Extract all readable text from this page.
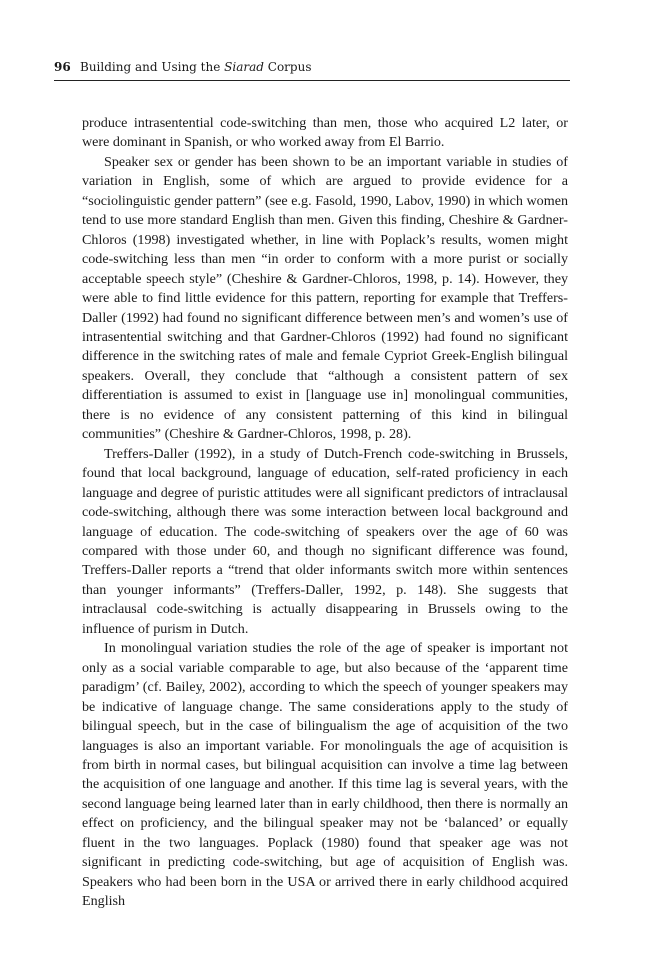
96 Building and Using the Siarad Corpus

produce intrasentential code-switching than men, those who acquired L2 later, or were dominant in Spanish, or who worked away from El Barrio.

Speaker sex or gender has been shown to be an important variable in studies of variation in English, some of which are argued to provide evidence for a “sociolinguistic gender pattern” (see e.g. Fasold, 1990, Labov, 1990) in which women tend to use more standard English than men. Given this finding, Cheshire & Gardner-Chloros (1998) investigated whether, in line with Poplack’s results, women might code-switching less than men “in order to conform with a more purist or socially acceptable speech style” (Cheshire & Gardner-Chloros, 1998, p. 14). However, they were able to find little evidence for this pattern, reporting for example that Treffers-Daller (1992) had found no significant difference between men’s and women’s use of intrasentential switching and that Gardner-Chloros (1992) had found no significant difference in the switching rates of male and female Cypriot Greek-English bilingual speakers. Overall, they conclude that “although a consistent pattern of sex differentiation is assumed to exist in [language use in] monolingual communities, there is no evidence of any consistent patterning of this kind in bilingual communities” (Cheshire & Gardner-Chloros, 1998, p. 28).

Treffers-Daller (1992), in a study of Dutch-French code-switching in Brussels, found that local background, language of education, self-rated proficiency in each language and degree of puristic attitudes were all significant predictors of intraclausal code-switching, although there was some interaction between local background and language of education. The code-switching of speakers over the age of 60 was compared with those under 60, and though no significant difference was found, Treffers-Daller reports a “trend that older informants switch more within sentences than younger informants” (Treffers-Daller, 1992, p. 148). She suggests that intraclausal code-switching is actually disappearing in Brussels owing to the influence of purism in Dutch.

In monolingual variation studies the role of the age of speaker is important not only as a social variable comparable to age, but also because of the ‘apparent time paradigm’ (cf. Bailey, 2002), according to which the speech of younger speakers may be indicative of language change. The same considerations apply to the study of bilingual speech, but in the case of bilingualism the age of acquisition of the two languages is also an important variable. For monolinguals the age of acquisition is from birth in normal cases, but bilingual acquisition can involve a time lag between the acquisition of one language and another. If this time lag is several years, with the second language being learned later than in early childhood, then there is normally an effect on proficiency, and the bilingual speaker may not be ‘balanced’ or equally fluent in the two languages. Poplack (1980) found that speaker age was not significant in predicting code-switching, but age of acquisition of English was. Speakers who had been born in the USA or arrived there in early childhood acquired English
